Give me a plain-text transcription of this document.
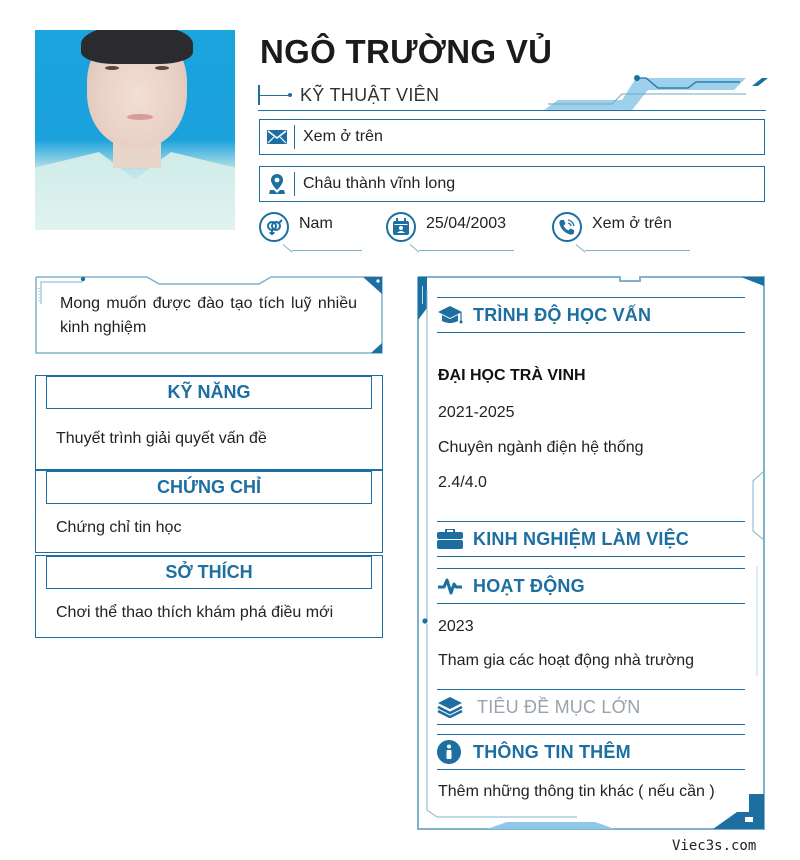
NGÔ TRƯỜNG VỦ
KỸ THUẬT VIÊN
Xem ở trên
Châu thành vĩnh long
Nam	25/04/2003	Xem ở trên
Mong muốn được đào tạo tích luỹ nhiều kinh nghiệm
KỸ NĂNG
Thuyết trình giải quyết vấn đề
CHỨNG CHỈ
Chứng chỉ tin học
SỞ THÍCH
Chơi thể thao thích khám phá điều mới
TRÌNH ĐỘ HỌC VẤN
ĐẠI HỌC TRÀ VINH
2021-2025
Chuyên ngành điện hệ thống
2.4/4.0
KINH NGHIỆM LÀM VIỆC
HOẠT ĐỘNG
2023
Tham gia các hoạt động nhà trường
TIÊU ĐỀ MỤC LỚN
THÔNG TIN THÊM
Thêm những thông tin khác ( nếu cần )
Viec3s.com
